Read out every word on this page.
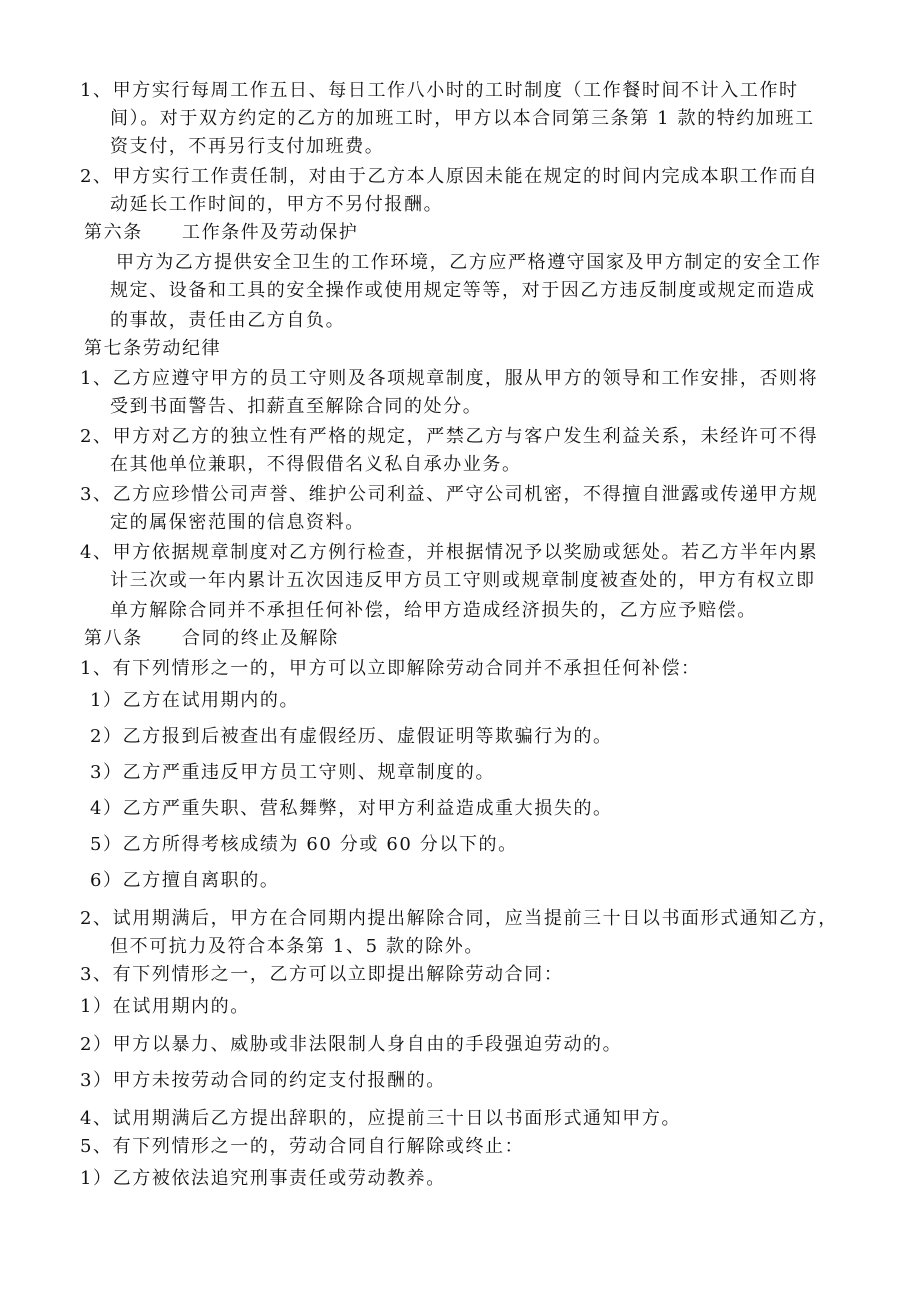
1、甲方实行每周工作五日、每日工作八小时的工时制度（工作餐时间不计入工作时
间）。对于双方约定的乙方的加班工时，甲方以本合同第三条第 1 款的特约加班工
资支付，不再另行支付加班费。
2、甲方实行工作责任制，对由于乙方本人原因未能在规定的时间内完成本职工作而自
动延长工作时间的，甲方不另付报酬。
第六条　　工作条件及劳动保护
甲方为乙方提供安全卫生的工作环境，乙方应严格遵守国家及甲方制定的安全工作
规定、设备和工具的安全操作或使用规定等等，对于因乙方违反制度或规定而造成
的事故，责任由乙方自负。
第七条劳动纪律
1、乙方应遵守甲方的员工守则及各项规章制度，服从甲方的领导和工作安排，否则将
受到书面警告、扣薪直至解除合同的处分。
2、甲方对乙方的独立性有严格的规定，严禁乙方与客户发生利益关系，未经许可不得
在其他单位兼职，不得假借名义私自承办业务。
3、乙方应珍惜公司声誉、维护公司利益、严守公司机密，不得擅自泄露或传递甲方规
定的属保密范围的信息资料。
4、甲方依据规章制度对乙方例行检查，并根据情况予以奖励或惩处。若乙方半年内累
计三次或一年内累计五次因违反甲方员工守则或规章制度被查处的，甲方有权立即
单方解除合同并不承担任何补偿，给甲方造成经济损失的，乙方应予赔偿。
第八条　　合同的终止及解除
1、有下列情形之一的，甲方可以立即解除劳动合同并不承担任何补偿：
1）乙方在试用期内的。
2）乙方报到后被查出有虚假经历、虚假证明等欺骗行为的。
3）乙方严重违反甲方员工守则、规章制度的。
4）乙方严重失职、营私舞弊，对甲方利益造成重大损失的。
5）乙方所得考核成绩为 60 分或 60 分以下的。
6）乙方擅自离职的。
2、试用期满后，甲方在合同期内提出解除合同，应当提前三十日以书面形式通知乙方，
但不可抗力及符合本条第 1、5 款的除外。
3、有下列情形之一，乙方可以立即提出解除劳动合同：
1）在试用期内的。
2）甲方以暴力、威胁或非法限制人身自由的手段强迫劳动的。
3）甲方未按劳动合同的约定支付报酬的。
4、试用期满后乙方提出辞职的，应提前三十日以书面形式通知甲方。
5、有下列情形之一的，劳动合同自行解除或终止：
1）乙方被依法追究刑事责任或劳动教养。
